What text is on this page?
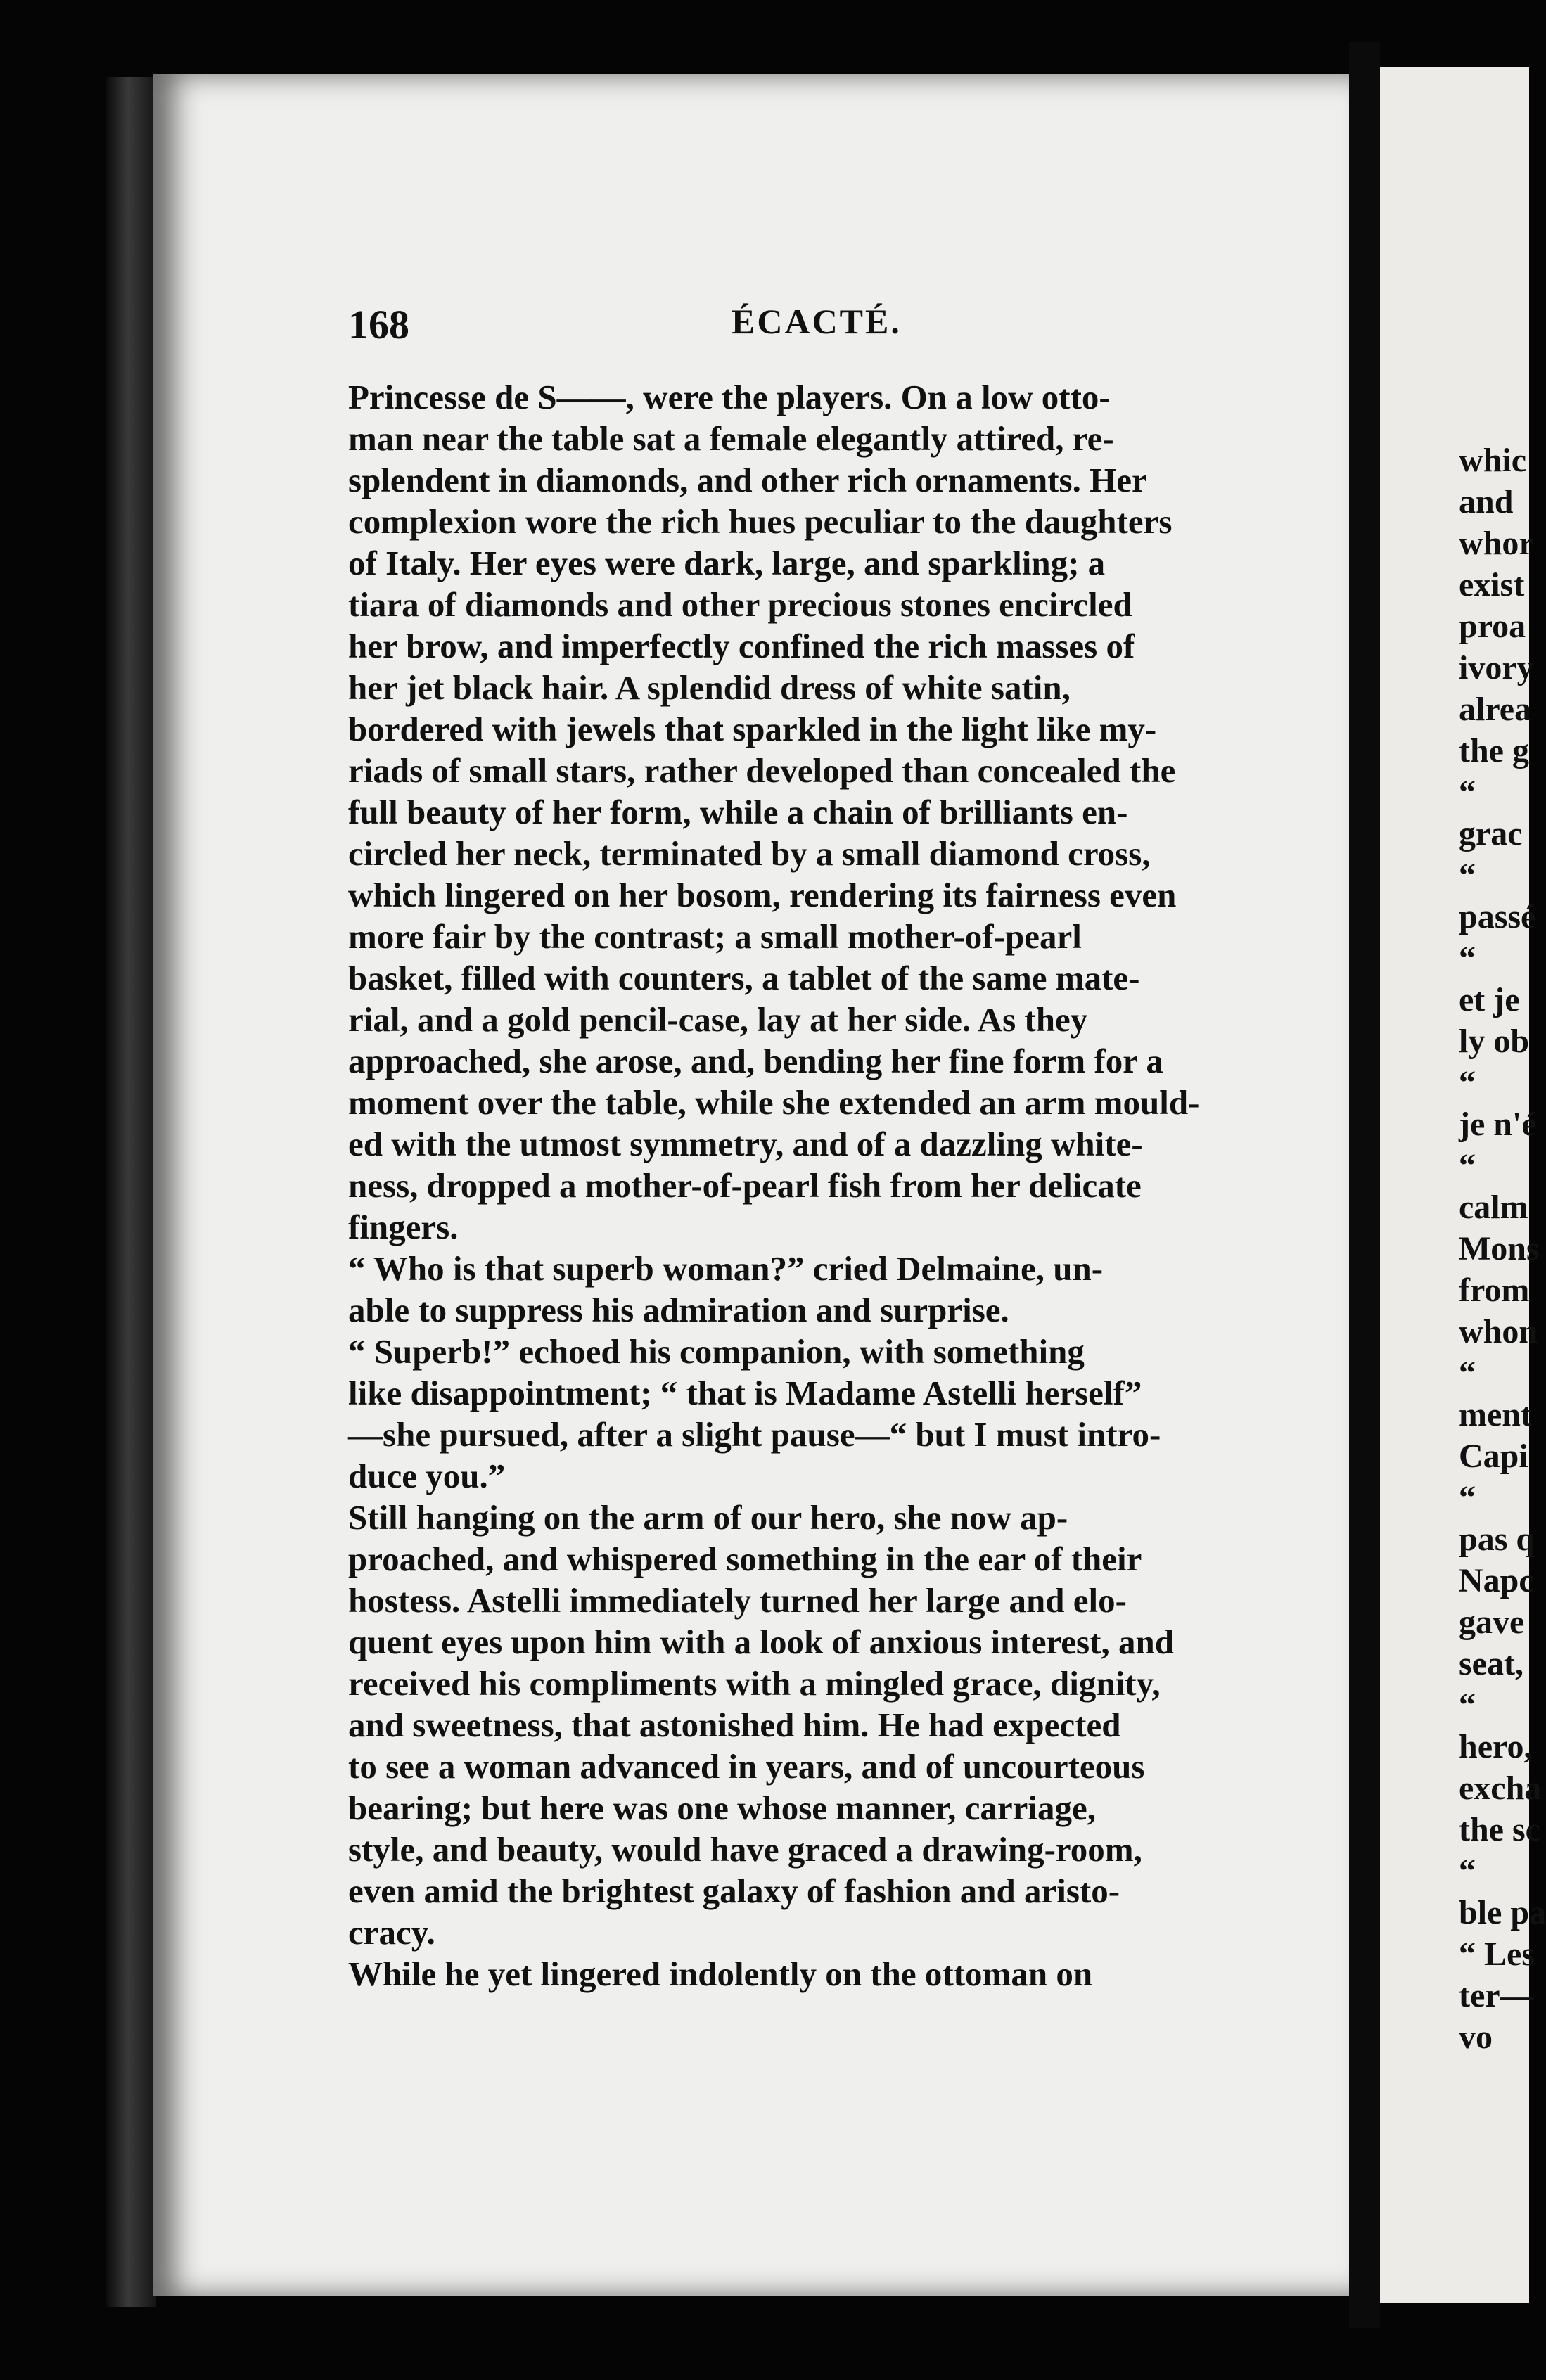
168	ÉCACTÉ.
Princesse de S——, were the players. On a low otto-
man near the table sat a female elegantly attired, re-
splendent in diamonds, and other rich ornaments. Her
complexion wore the rich hues peculiar to the daughters
of Italy. Her eyes were dark, large, and sparkling; a
tiara of diamonds and other precious stones encircled
her brow, and imperfectly confined the rich masses of
her jet black hair. A splendid dress of white satin,
bordered with jewels that sparkled in the light like my-
riads of small stars, rather developed than concealed the
full beauty of her form, while a chain of brilliants en-
circled her neck, terminated by a small diamond cross,
which lingered on her bosom, rendering its fairness even
more fair by the contrast; a small mother-of-pearl
basket, filled with counters, a tablet of the same mate-
rial, and a gold pencil-case, lay at her side. As they
approached, she arose, and, bending her fine form for a
moment over the table, while she extended an arm mould-
ed with the utmost symmetry, and of a dazzling white-
ness, dropped a mother-of-pearl fish from her delicate
fingers.
“ Who is that superb woman?” cried Delmaine, un-
able to suppress his admiration and surprise.
“ Superb!” echoed his companion, with something
like disappointment; “ that is Madame Astelli herself”
—she pursued, after a slight pause—“ but I must intro-
duce you.”
Still hanging on the arm of our hero, she now ap-
proached, and whispered something in the ear of their
hostess. Astelli immediately turned her large and elo-
quent eyes upon him with a look of anxious interest, and
received his compliments with a mingled grace, dignity,
and sweetness, that astonished him. He had expected
to see a woman advanced in years, and of uncourteous
bearing; but here was one whose manner, carriage,
style, and beauty, would have graced a drawing-room,
even amid the brightest galaxy of fashion and aristo-
cracy.
While he yet lingered indolently on the ottoman on
whic
and
whor
exist
proa
ivory
alrea
the g
“
grac
“
passé
“
et je
ly ob
“
je n'é
“
calm
Mons
from
whon
“
ment
Capi
“
pas q
Napc
gave
seat,
“
hero,
excha
the sc
“
ble pa
“ Les
ter—
vo
